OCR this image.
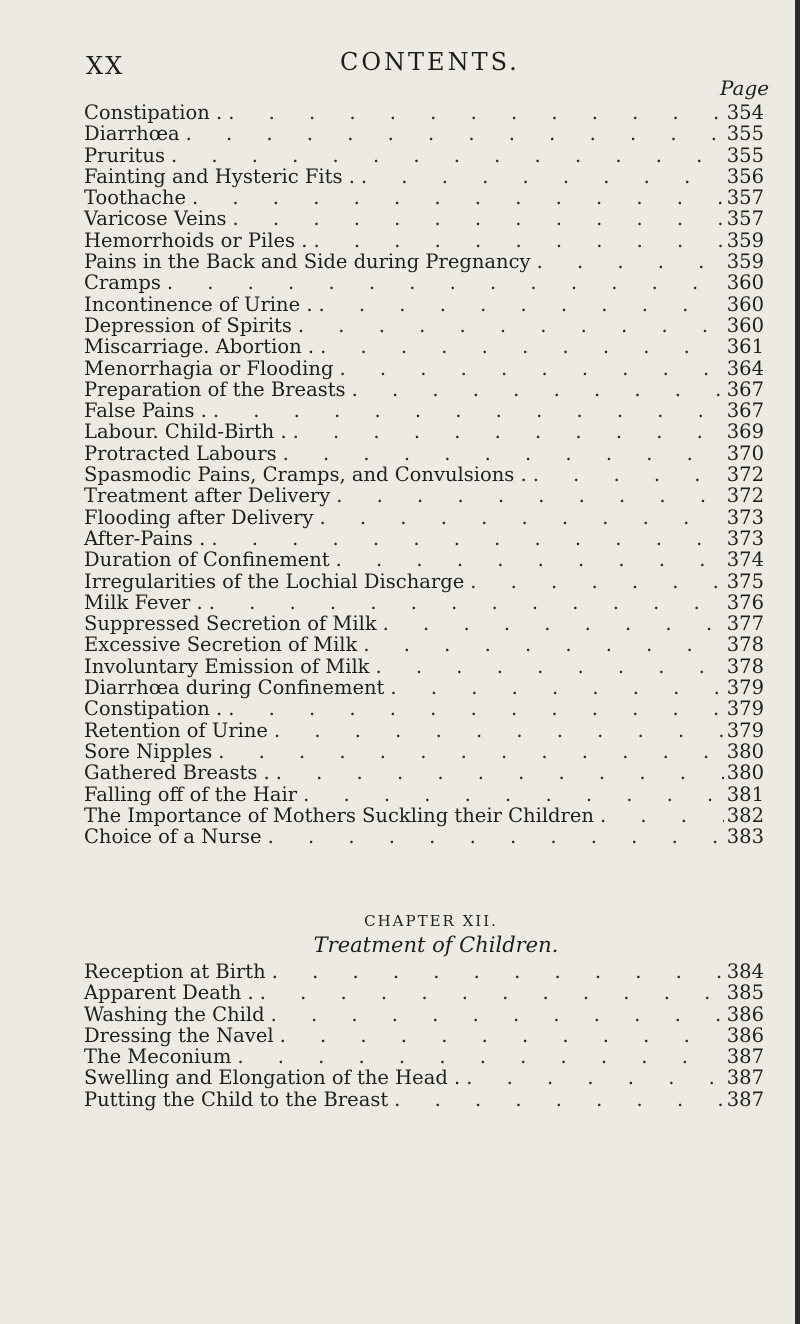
XX	CONTENTS.
Page
Constipation . . . .	354
Diarrhœa . . .	355
Pruritus . . .	355
Fainting and Hysteric Fits . . . .	356
Toothache . . .	357
Varicose Veins . . .	357
Hemorrhoids or Piles . . . .	359
Pains in the Back and Side during Pregnancy . . .	359
Cramps . . .	360
Incontinence of Urine . . . .	360
Depression of Spirits . . .	360
Miscarriage. Abortion . . . .	361
Menorrhagia or Flooding . . .	364
Preparation of the Breasts . . .	367
False Pains . . . .	367
Labour. Child-Birth . . . .	369
Protracted Labours . . .	370
Spasmodic Pains, Cramps, and Convulsions . . . .	372
Treatment after Delivery . . .	372
Flooding after Delivery . . .	373
After-Pains . . . .	373
Duration of Confinement . . .	374
Irregularities of the Lochial Discharge . . .	375
Milk Fever . . . .	376
Suppressed Secretion of Milk . . .	377
Excessive Secretion of Milk . . .	378
Involuntary Emission of Milk . . .	378
Diarrhœa during Confinement . . .	379
Constipation . . . .	379
Retention of Urine . . .	379
Sore Nipples . . .	380
Gathered Breasts . . . .	380
Falling off of the Hair . . .	381
The Importance of Mothers Suckling their Children . . .	382
Choice of a Nurse . . .	383
CHAPTER XII.
Treatment of Children.
Reception at Birth . . .	384
Apparent Death . . . .	385
Washing the Child . . .	386
Dressing the Navel . . .	386
The Meconium . . .	387
Swelling and Elongation of the Head . . . .	387
Putting the Child to the Breast . . .	387
